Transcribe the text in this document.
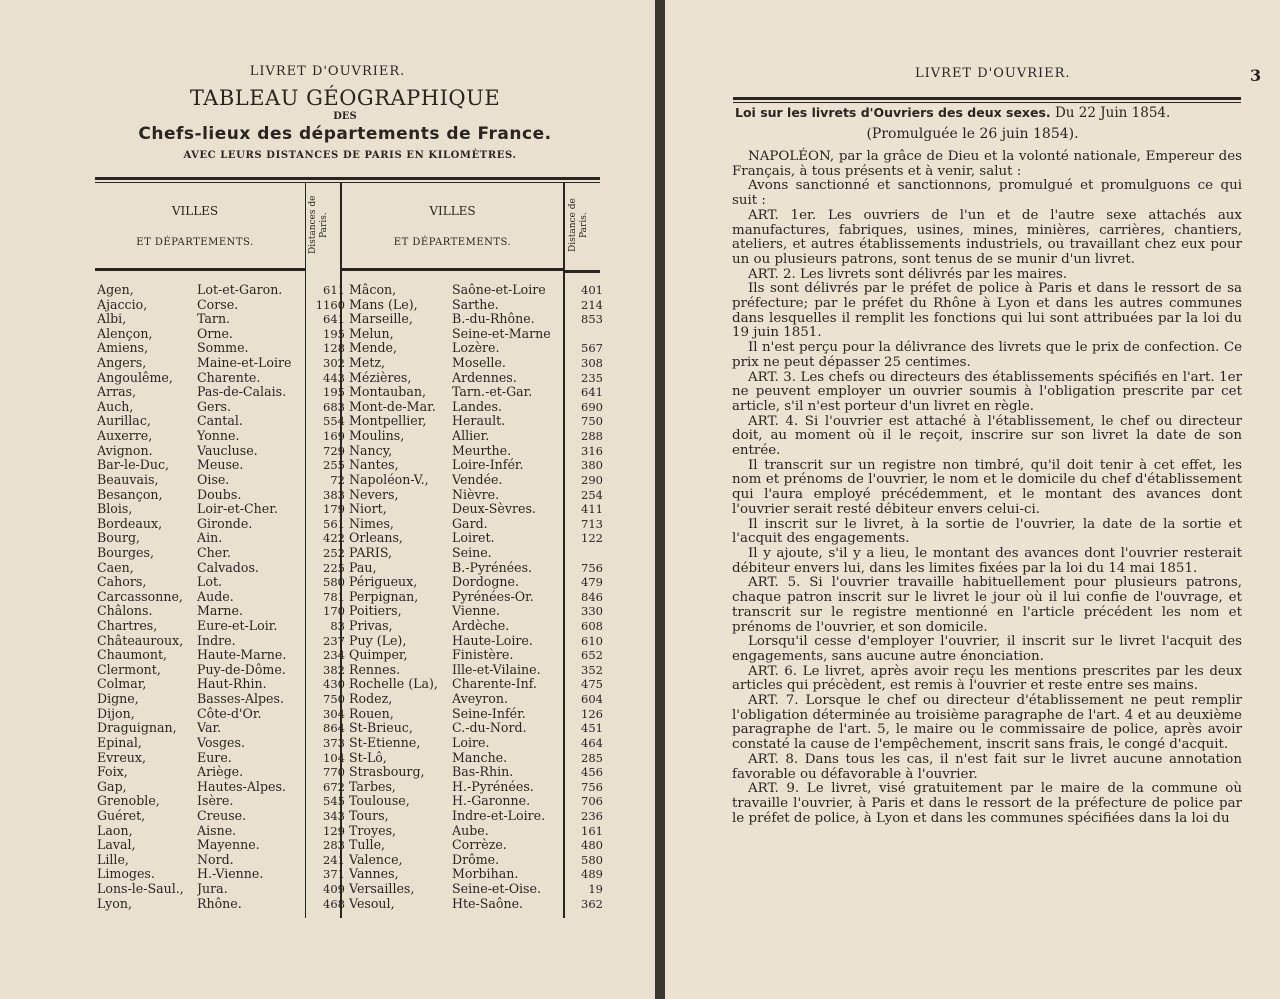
LIVRET D'OUVRIER.
TABLEAU GÉOGRAPHIQUE
DES
Chefs-lieux des départements de France.
AVEC LEURS DISTANCES DE PARIS EN KILOMÈTRES.
VILLES
ET DÉPARTEMENTS.	Distances de Paris.
VILLES
ET DÉPARTEMENTS.	Distance de Paris.
Agen,	Lot-et-Garon.	611 Mâcon,	Saône-et-Loire	401
Ajaccio,	Corse.	1160 Mans (Le),	Sarthe.	214
Albi,	Tarn.	641 Marseille,	B.-du-Rhône.	853
Alençon,	Orne.	195 Melun,	Seine-et-Marne
Amiens,	Somme.	128 Mende,	Lozère.	567
Angers,	Maine-et-Loire	302 Metz,	Moselle.	308
Angoulême,	Charente.	443 Mézières,	Ardennes.	235
Arras,	Pas-de-Calais.	195 Montauban,	Tarn.-et-Gar.	641
Auch,	Gers.	683 Mont-de-Mar.	Landes.	690
Aurillac,	Cantal.	554 Montpellier,	Herault.	750
Auxerre,	Yonne.	169 Moulins,	Allier.	288
Avignon.	Vaucluse.	729 Nancy,	Meurthe.	316
Bar-le-Duc,	Meuse.	255 Nantes,	Loire-Infér.	380
Beauvais,	Oise.	72 Napoléon-V.,	Vendée.	290
Besançon,	Doubs.	383 Nevers,	Nièvre.	254
Blois,	Loir-et-Cher.	179 Niort,	Deux-Sèvres.	411
Bordeaux,	Gironde.	561 Nimes,	Gard.	713
Bourg,	Ain.	422 Orleans,	Loiret.	122
Bourges,	Cher.	252 PARIS,	Seine.
Caen,	Calvados.	225 Pau,	B.-Pyrénées.	756
Cahors,	Lot.	580 Périgueux,	Dordogne.	479
Carcassonne,	Aude.	781 Perpignan,	Pyrénées-Or.	846
Châlons.	Marne.	170 Poitiers,	Vienne.	330
Chartres,	Eure-et-Loir.	83 Privas,	Ardèche.	608
Châteauroux,	Indre.	237 Puy (Le),	Haute-Loire.	610
Chaumont,	Haute-Marne.	234 Quimper,	Finistère.	652
Clermont,	Puy-de-Dôme.	382 Rennes.	Ille-et-Vilaine.	352
Colmar,	Haut-Rhin.	430 Rochelle (La),	Charente-Inf.	475
Digne,	Basses-Alpes.	750 Rodez,	Aveyron.	604
Dijon,	Côte-d'Or.	304 Rouen,	Seine-Infér.	126
Draguignan,	Var.	864 St-Brieuc,	C.-du-Nord.	451
Epinal,	Vosges.	373 St-Etienne,	Loire.	464
Evreux,	Eure.	104 St-Lô,	Manche.	285
Foix,	Ariège.	770 Strasbourg,	Bas-Rhin.	456
Gap,	Hautes-Alpes.	672 Tarbes,	H.-Pyrénées.	756
Grenoble,	Isère.	545 Toulouse,	H.-Garonne.	706
Guéret,	Creuse.	343 Tours,	Indre-et-Loire.	236
Laon,	Aisne.	129 Troyes,	Aube.	161
Laval,	Mayenne.	283 Tulle,	Corrèze.	480
Lille,	Nord.	241 Valence,	Drôme.	580
Limoges.	H.-Vienne.	371 Vannes,	Morbihan.	489
Lons-le-Saul.,	Jura.	409 Versailles,	Seine-et-Oise.	19
Lyon,	Rhône.	468 Vesoul,	Hte-Saône.	362
LIVRET D'OUVRIER.	3
Loi sur les livrets d'Ouvriers des deux sexes. Du 22 Juin 1854.
(Promulguée le 26 juin 1854).

NAPOLÉON, par la grâce de Dieu et la volonté nationale, Empereur des Français, à tous présents et à venir, salut :

Avons sanctionné et sanctionnons, promulgué et promulguons ce qui suit :

ART. 1er. Les ouvriers de l'un et de l'autre sexe attachés aux manufactures, fabriques, usines, mines, minières, carrières, chantiers, ateliers, et autres établissements industriels, ou travaillant chez eux pour un ou plusieurs patrons, sont tenus de se munir d'un livret.

ART. 2. Les livrets sont délivrés par les maires.

Ils sont délivrés par le préfet de police à Paris et dans le ressort de sa préfecture; par le préfet du Rhône à Lyon et dans les autres communes dans lesquelles il remplit les fonctions qui lui sont attribuées par la loi du 19 juin 1851.

Il n'est perçu pour la délivrance des livrets que le prix de confection. Ce prix ne peut dépasser 25 centimes.

ART. 3. Les chefs ou directeurs des établissements spécifiés en l'art. 1er ne peuvent employer un ouvrier soumis à l'obligation prescrite par cet article, s'il n'est porteur d'un livret en règle.

ART. 4. Si l'ouvrier est attaché à l'établissement, le chef ou directeur doit, au moment où il le reçoit, inscrire sur son livret la date de son entrée.

Il transcrit sur un registre non timbré, qu'il doit tenir à cet effet, les nom et prénoms de l'ouvrier, le nom et le domicile du chef d'établissement qui l'aura employé précédemment, et le montant des avances dont l'ouvrier serait resté débiteur envers celui-ci.

Il inscrit sur le livret, à la sortie de l'ouvrier, la date de la sortie et l'acquit des engagements.

Il y ajoute, s'il y a lieu, le montant des avances dont l'ouvrier resterait débiteur envers lui, dans les limites fixées par la loi du 14 mai 1851.

ART. 5. Si l'ouvrier travaille habituellement pour plusieurs patrons, chaque patron inscrit sur le livret le jour où il lui confie de l'ouvrage, et transcrit sur le registre mentionné en l'article précédent les nom et prénoms de l'ouvrier, et son domicile.

Lorsqu'il cesse d'employer l'ouvrier, il inscrit sur le livret l'acquit des engagements, sans aucune autre énonciation.

ART. 6. Le livret, après avoir reçu les mentions prescrites par les deux articles qui précèdent, est remis à l'ouvrier et reste entre ses mains.

ART. 7. Lorsque le chef ou directeur d'établissement ne peut remplir l'obligation déterminée au troisième paragraphe de l'art. 4 et au deuxième paragraphe de l'art. 5, le maire ou le commissaire de police, après avoir constaté la cause de l'empêchement, inscrit sans frais, le congé d'acquit.

ART. 8. Dans tous les cas, il n'est fait sur le livret aucune annotation favorable ou défavorable à l'ouvrier.

ART. 9. Le livret, visé gratuitement par le maire de la commune où travaille l'ouvrier, à Paris et dans le ressort de la préfecture de police par le préfet de police, à Lyon et dans les communes spécifiées dans la loi du
